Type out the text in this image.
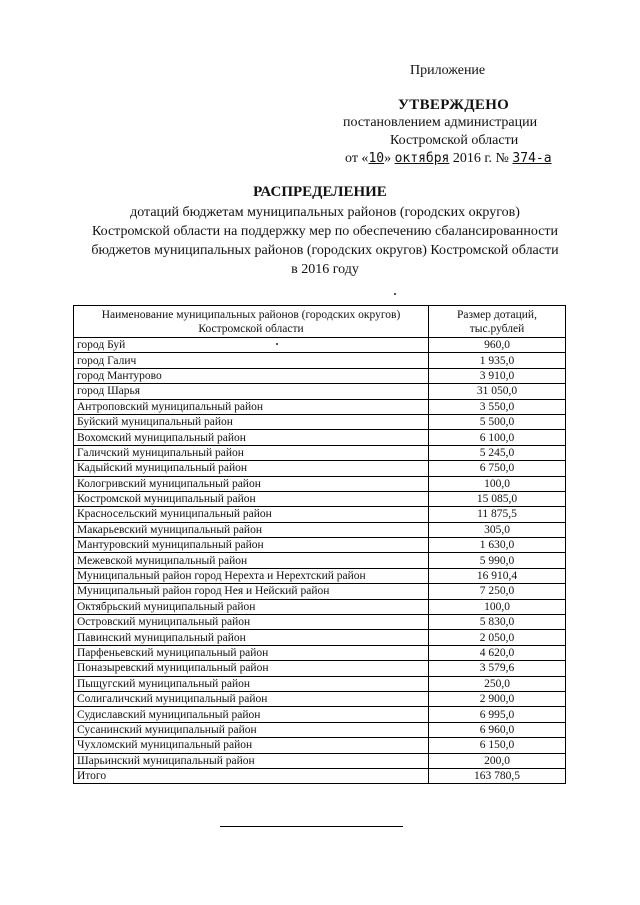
Приложение
УТВЕРЖДЕНО
постановлением администрации
Костромской области
от «10» октября 2016 г. № 374-а
РАСПРЕДЕЛЕНИЕ
дотаций бюджетам муниципальных районов (городских округов) Костромской области на поддержку мер по обеспечению сбалансированности бюджетов муниципальных районов (городских округов) Костромской области в 2016 году
Наименование муниципальных районов (городских округов) Костромской области	Размер дотаций, тыс.рублей
город Буй	960,0
город Галич	1 935,0
город Мантурово	3 910,0
город Шарья	31 050,0
Антроповский муниципальный район	3 550,0
Буйский муниципальный район	5 500,0
Вохомский муниципальный район	6 100,0
Галичский муниципальный район	5 245,0
Кадыйский муниципальный район	6 750,0
Кологривский муниципальный район	100,0
Костромской муниципальный район	15 085,0
Красносельский муниципальный район	11 875,5
Макарьевский муниципальный район	305,0
Мантуровский муниципальный район	1 630,0
Межевской муниципальный район	5 990,0
Муниципальный район город Нерехта и Нерехтский район	16 910,4
Муниципальный район город Нея и Нейский район	7 250,0
Октябрьский муниципальный район	100,0
Островский муниципальный район	5 830,0
Павинский муниципальный район	2 050,0
Парфеньевский муниципальный район	4 620,0
Поназыревский муниципальный район	3 579,6
Пыщугский муниципальный район	250,0
Солигаличский муниципальный район	2 900,0
Судиславский муниципальный район	6 995,0
Сусанинский муниципальный район	6 960,0
Чухломский муниципальный район	6 150,0
Шарьинский муниципальный район	200,0
Итого	163 780,5
